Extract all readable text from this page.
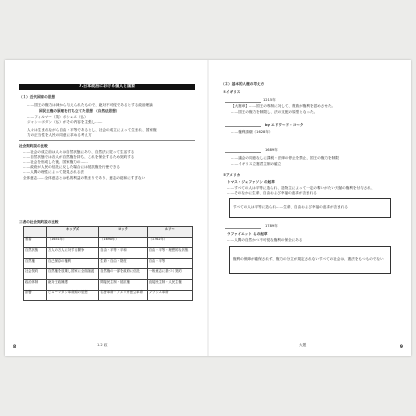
7.日本政治における個人と国家
（１）近代国家の思想
……国王の権力は神から与えられたもので、絶対不可侵であるとする政治理論
国民主権の原理を打ち立てた思想 （自然法思想）
……フィルマー（英）ボシュエ（仏）
ジャン＝ボダン（仏）がその内容を主張し……
人々は生まれながら自由・平等であるとし、社会の成立によって生まれ、国家権
力の正当性を人民の同意に求める考え方
社会契約説の比較
……社会の成立前は人々は自然状態にあり、自然法に従って生活する
……自然状態では各人が自然権を持ち、これを保全するため契約する
……社会を形成した後、国家権力の……
……政府が人民の信託に反した場合には抵抗権を行使できる
……人間の理性によって発見される法
全体意志……全体意志とは私的利益の集まりであり、意志の総和にすぎない
三者の社会契約説の比較
	ホッブズ	ロック	ルソー
著書	（1651年）	（1690年）	（1762年）
自然状態	万人の万人に対する闘争	自由・平等・平和	自由・平等・理想的な状態
自然権	自己保存の権利	生命・自由・財産	自由・平等
社会契約	自然権を放棄し国家に全面譲渡	自然権の一部を政府に信託	一般意志に基づく契約
政治体制	絶対王政擁護	間接民主制・抵抗権	直接民主制・人民主権
影響	ピューリタン革命期の思想	名誉革命・アメリカ独立革命	フランス革命
8	1.2 政
（２）基本的人権の考え方
①イギリス
1215年
【大憲章】……国王の専制に対して、貴族が権利を認めさせた。
……国王の権力を制限し、法の支配の原型となった。
by エドワード・コーク
……権利請願（1628年）
1689年
……議会の同意なしに課税・法律の停止を禁止、国王の権力を制限
……イギリス立憲君主制の確立
②アメリカ
トマス・ジェファソン の起草
……すべての人は平等に造られ、造物主によって一定の奪いがたい天賦の権利を付与され、
……そのなかに生命、自由および幸福の追求が含まれる
すべての人は平等に造られ……生命、自由および幸福の追求が含まれる
1789年
ラファイエット らの起草
……人間の自然かつ不可侵な権利の保全にある
権利の保障が確保されず、権力の分立が規定されないすべての社会は、憲法をもつものでない
大題	9
